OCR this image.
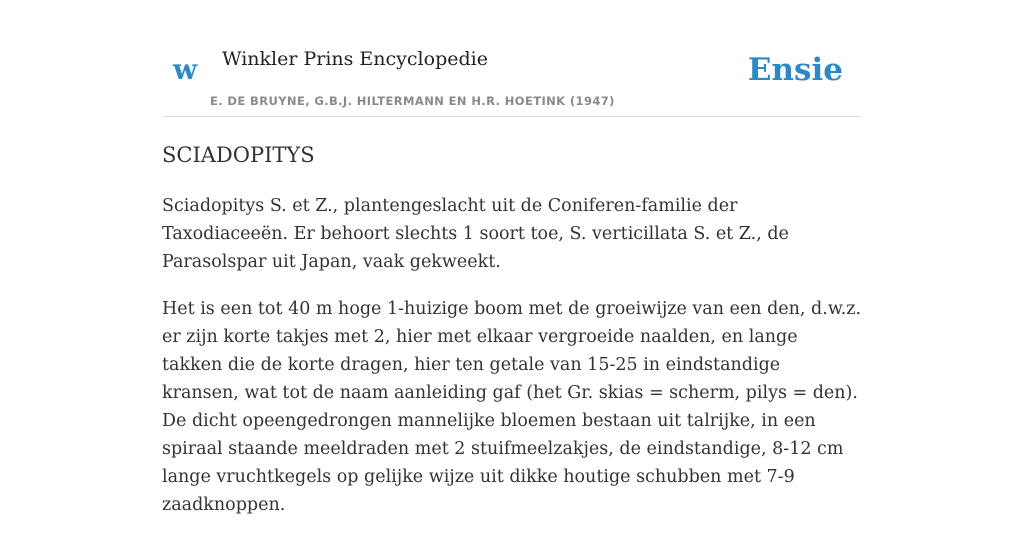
w Winkler Prins Encyclopedie	Ensie
E. DE BRUYNE, G.B.J. HILTERMANN EN H.R. HOETINK (1947)
SCIADOPITYS

Sciadopitys S. et Z., plantengeslacht uit de Coniferen-familie der Taxodiaceeën. Er behoort slechts 1 soort toe, S. verticillata S. et Z., de Parasolspar uit Japan, vaak gekweekt.

Het is een tot 40 m hoge 1-huizige boom met de groeiwijze van een den, d.w.z. er zijn korte takjes met 2, hier met elkaar vergroeide naalden, en lange takken die de korte dragen, hier ten getale van 15-25 in eindstandige kransen, wat tot de naam aanleiding gaf (het Gr. skias = scherm, pilys = den). De dicht opeengedrongen mannelijke bloemen bestaan uit talrijke, in een spiraal staande meeldraden met 2 stuifmeelzakjes, de eindstandige, 8-12 cm lange vruchtkegels op gelijke wijze uit dikke houtige schubben met 7-9 zaadknoppen.
